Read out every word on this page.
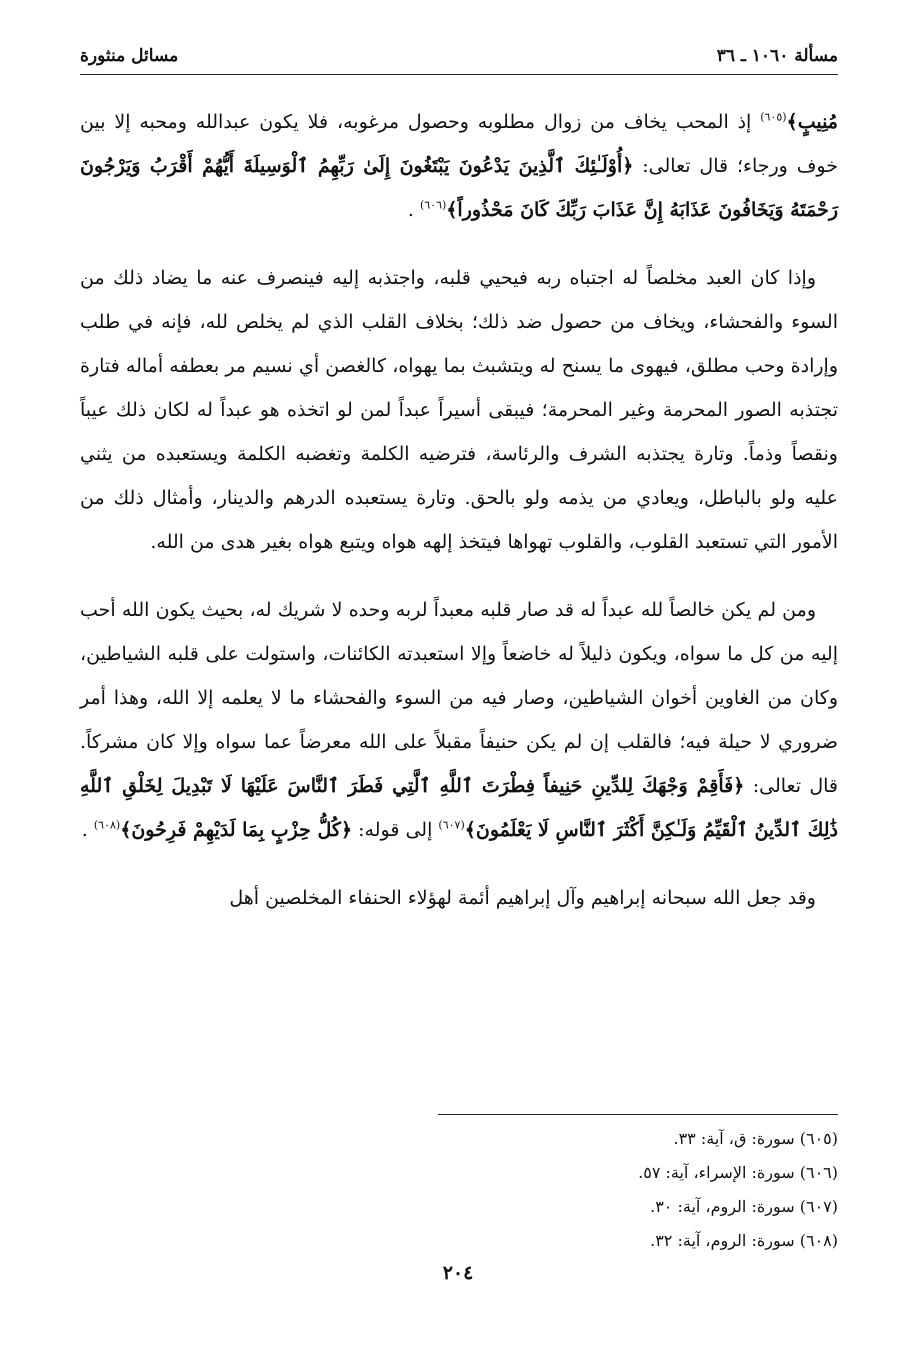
مسألة ١٠٦٠ ـ ٣٦
مسائل منثورة

مُنِيبٍ﴾$^{(٦٠٥)}$ إذ المحب يخاف من زوال مطلوبه وحصول مرغوبه، فلا يكون عبدالله ومحبه إلا بين خوف ورجاء؛ قال تعالى: ﴿أُوْلَـٰئِكَ ٱلَّذِينَ يَدْعُونَ يَبْتَغُونَ إِلَىٰ رَبِّهِمُ ٱلْوَسِيلَةَ أَيُّهُمْ أَقْرَبُ وَيَرْجُونَ رَحْمَتَهُ وَيَخَافُونَ عَذَابَهُ إِنَّ عَذَابَ رَبِّكَ كَانَ مَحْذُوراً﴾$^{(٦٠٦)}$ .

وإذا كان العبد مخلصاً له اجتباه ربه فيحيي قلبه، واجتذبه إليه فينصرف عنه ما يضاد ذلك من السوء والفحشاء، ويخاف من حصول ضد ذلك؛ بخلاف القلب الذي لم يخلص لله، فإنه في طلب وإرادة وحب مطلق، فيهوى ما يسنح له ويتشبث بما يهواه، كالغصن أي نسيم مر بعطفه أماله فتارة تجتذبه الصور المحرمة وغير المحرمة؛ فيبقى أسيراً عبداً لمن لو اتخذه هو عبداً له لكان ذلك عيباً ونقصاً وذماً. وتارة يجتذبه الشرف والرئاسة، فترضيه الكلمة وتغضبه الكلمة ويستعبده من يثني عليه ولو بالباطل، ويعادي من يذمه ولو بالحق. وتارة يستعبده الدرهم والدينار، وأمثال ذلك من الأمور التي تستعبد القلوب، والقلوب تهواها فيتخذ إلهه هواه ويتبع هواه بغير هدى من الله.

ومن لم يكن خالصاً لله عبداً له قد صار قلبه معبداً لربه وحده لا شريك له، بحيث يكون الله أحب إليه من كل ما سواه، ويكون ذليلاً له خاضعاً وإلا استعبدته الكائنات، واستولت على قلبه الشياطين، وكان من الغاوين أخوان الشياطين، وصار فيه من السوء والفحشاء ما لا يعلمه إلا الله، وهذا أمر ضروري لا حيلة فيه؛ فالقلب إن لم يكن حنيفاً مقبلاً على الله معرضاً عما سواه وإلا كان مشركاً. قال تعالى: ﴿فَأَقِمْ وَجْهَكَ لِلدِّينِ حَنِيفاً فِطْرَتَ ٱللَّهِ ٱلَّتِي فَطَرَ ٱلنَّاسَ عَلَيْهَا لَا تَبْدِيلَ لِخَلْقِ ٱللَّهِ ذَٰلِكَ ٱلدِّينُ ٱلْقَيِّمُ وَلَـٰكِنَّ أَكْثَرَ ٱلنَّاسِ لَا يَعْلَمُونَ﴾$^{(٦٠٧)}$ إلى قوله: ﴿كُلُّ حِزْبٍ بِمَا لَدَيْهِمْ فَرِحُونَ﴾$^{(٦٠٨)}$ .

وقد جعل الله سبحانه إبراهيم وآل إبراهيم أئمة لهؤلاء الحنفاء المخلصين أهل

(٦٠٥) سورة: ق، آية: ٣٣.
(٦٠٦) سورة: الإسراء، آية: ٥٧.
(٦٠٧) سورة: الروم، آية: ٣٠.
(٦٠٨) سورة: الروم، آية: ٣٢.
٢٠٤
